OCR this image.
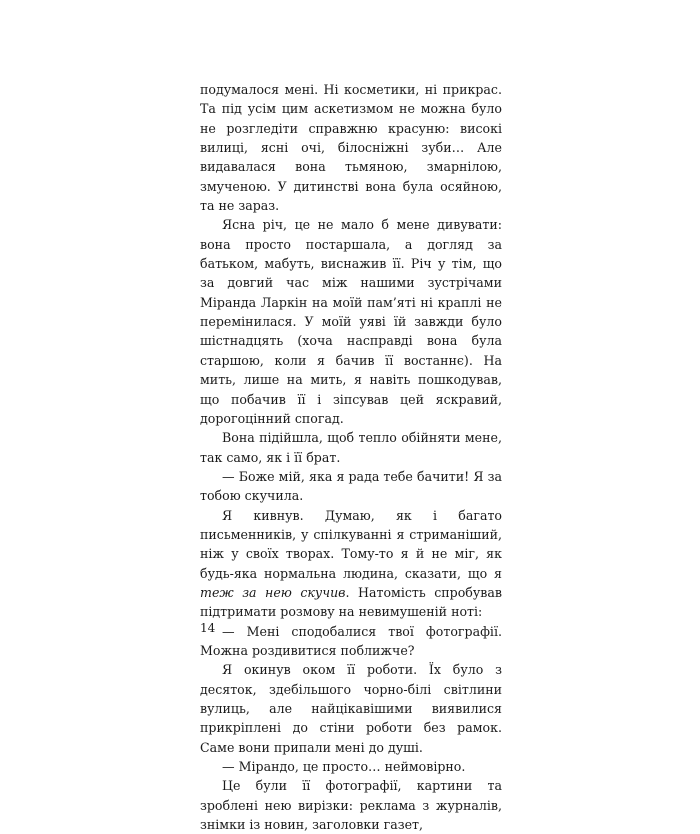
подумалося мені. Ні косметики, ні прикрас. Та під усім цим аскетизмом не можна було не розгледіти справжню красуню: високі вилиці, ясні очі, білосніжні зуби… Але видавалася вона тьмяною, змарнілою, змученою. У дитинстві вона була осяйною, та не зараз.

Ясна річ, це не мало б мене дивувати: вона просто постаршала, а догляд за батьком, мабуть, виснажив її. Річ у тім, що за довгий час між нашими зустрічами Міранда Ларкін на моїй пам’яті ні краплі не перемінилася. У моїй уяві їй завжди було шістнадцять (хоча насправді вона була старшою, коли я бачив її востаннє). На мить, лише на мить, я навіть пошкодував, що побачив її і зіпсував цей яскравий, дорогоцінний спогад.

Вона підійшла, щоб тепло обійняти мене, так само, як і її брат.

— Боже мій, яка я рада тебе бачити! Я за тобою скучила.

Я кивнув. Думаю, як і багато письменників, у спілкуванні я стриманіший, ніж у своїх творах. Тому-то я й не міг, як будь-яка нормальна людина, сказати, що я теж за нею скучив. Натомість спробував підтримати розмову на невимушеній ноті:

— Мені сподобалися твої фотографії. Можна роздивитися поближче?

Я окинув оком її роботи. Їх було з десяток, здебільшого чорно-білі світлини вулиць, але найцікавішими виявилися прикріплені до стіни роботи без рамок. Саме вони припали мені до душі.

— Мірандо, це просто… неймовірно.

Це були її фотографії, картини та зроблені нею вирізки: реклама з журналів, знімки із новин, заголовки газет,

14
